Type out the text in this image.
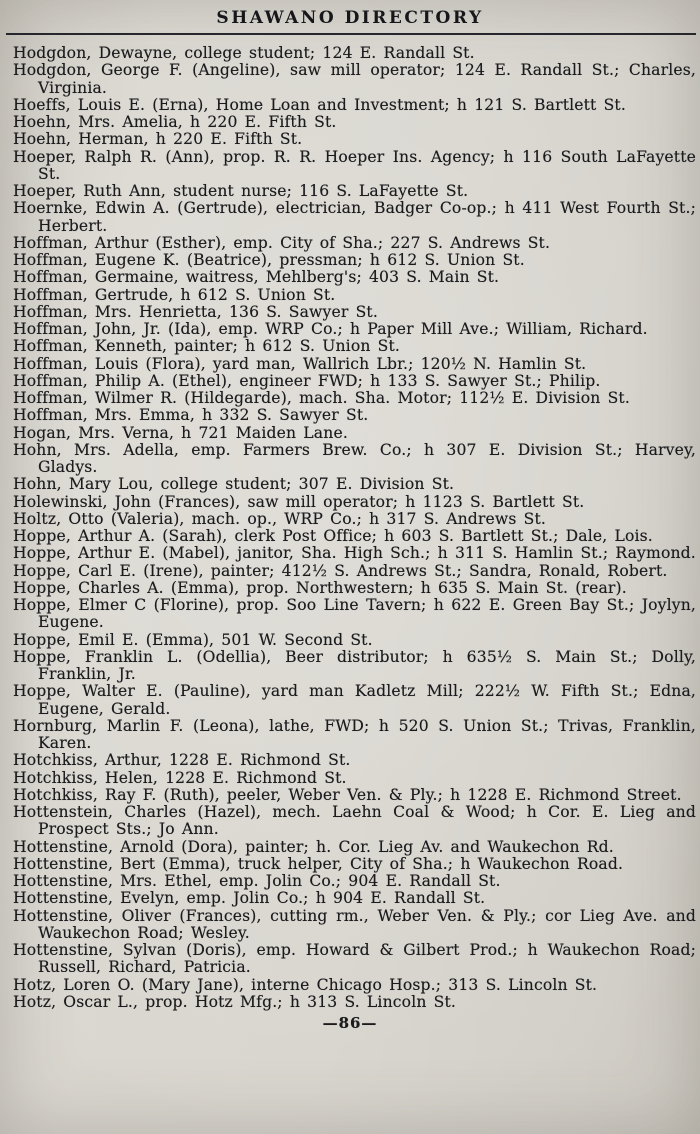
SHAWANO DIRECTORY

Hodgdon, Dewayne, college student; 124 E. Randall St.

Hodgdon, George F. (Angeline), saw mill operator; 124 E. Randall St.; Charles, Virginia.

Hoeffs, Louis E. (Erna), Home Loan and Investment; h 121 S. Bartlett St.

Hoehn, Mrs. Amelia, h 220 E. Fifth St.

Hoehn, Herman, h 220 E. Fifth St.

Hoeper, Ralph R. (Ann), prop. R. R. Hoeper Ins. Agency; h 116 South LaFayette St.

Hoeper, Ruth Ann, student nurse; 116 S. LaFayette St.

Hoernke, Edwin A. (Gertrude), electrician, Badger Co-op.; h 411 West Fourth St.; Herbert.

Hoffman, Arthur (Esther), emp. City of Sha.; 227 S. Andrews St.

Hoffman, Eugene K. (Beatrice), pressman; h 612 S. Union St.

Hoffman, Germaine, waitress, Mehlberg's; 403 S. Main St.

Hoffman, Gertrude, h 612 S. Union St.

Hoffman, Mrs. Henrietta, 136 S. Sawyer St.

Hoffman, John, Jr. (Ida), emp. WRP Co.; h Paper Mill Ave.; William, Richard.

Hoffman, Kenneth, painter; h 612 S. Union St.

Hoffman, Louis (Flora), yard man, Wallrich Lbr.; 120½ N. Hamlin St.

Hoffman, Philip A. (Ethel), engineer FWD; h 133 S. Sawyer St.; Philip.

Hoffman, Wilmer R. (Hildegarde), mach. Sha. Motor; 112½ E. Division St.

Hoffman, Mrs. Emma, h 332 S. Sawyer St.

Hogan, Mrs. Verna, h 721 Maiden Lane.

Hohn, Mrs. Adella, emp. Farmers Brew. Co.; h 307 E. Division St.; Harvey, Gladys.

Hohn, Mary Lou, college student; 307 E. Division St.

Holewinski, John (Frances), saw mill operator; h 1123 S. Bartlett St.

Holtz, Otto (Valeria), mach. op., WRP Co.; h 317 S. Andrews St.

Hoppe, Arthur A. (Sarah), clerk Post Office; h 603 S. Bartlett St.; Dale, Lois.

Hoppe, Arthur E. (Mabel), janitor, Sha. High Sch.; h 311 S. Hamlin St.; Raymond.

Hoppe, Carl E. (Irene), painter; 412½ S. Andrews St.; Sandra, Ronald, Robert.

Hoppe, Charles A. (Emma), prop. Northwestern; h 635 S. Main St. (rear).

Hoppe, Elmer C (Florine), prop. Soo Line Tavern; h 622 E. Green Bay St.; Joylyn, Eugene.

Hoppe, Emil E. (Emma), 501 W. Second St.

Hoppe, Franklin L. (Odellia), Beer distributor; h 635½ S. Main St.; Dolly, Franklin, Jr.

Hoppe, Walter E. (Pauline), yard man Kadletz Mill; 222½ W. Fifth St.; Edna, Eugene, Gerald.

Hornburg, Marlin F. (Leona), lathe, FWD; h 520 S. Union St.; Trivas, Franklin, Karen.

Hotchkiss, Arthur, 1228 E. Richmond St.

Hotchkiss, Helen, 1228 E. Richmond St.

Hotchkiss, Ray F. (Ruth), peeler, Weber Ven. & Ply.; h 1228 E. Richmond Street.

Hottenstein, Charles (Hazel), mech. Laehn Coal & Wood; h Cor. E. Lieg and Prospect Sts.; Jo Ann.

Hottenstine, Arnold (Dora), painter; h. Cor. Lieg Av. and Waukechon Rd.

Hottenstine, Bert (Emma), truck helper, City of Sha.; h Waukechon Road.

Hottenstine, Mrs. Ethel, emp. Jolin Co.; 904 E. Randall St.

Hottenstine, Evelyn, emp. Jolin Co.; h 904 E. Randall St.

Hottenstine, Oliver (Frances), cutting rm., Weber Ven. & Ply.; cor Lieg Ave. and Waukechon Road; Wesley.

Hottenstine, Sylvan (Doris), emp. Howard & Gilbert Prod.; h Waukechon Road; Russell, Richard, Patricia.

Hotz, Loren O. (Mary Jane), interne Chicago Hosp.; 313 S. Lincoln St.

Hotz, Oscar L., prop. Hotz Mfg.; h 313 S. Lincoln St.

—86—
